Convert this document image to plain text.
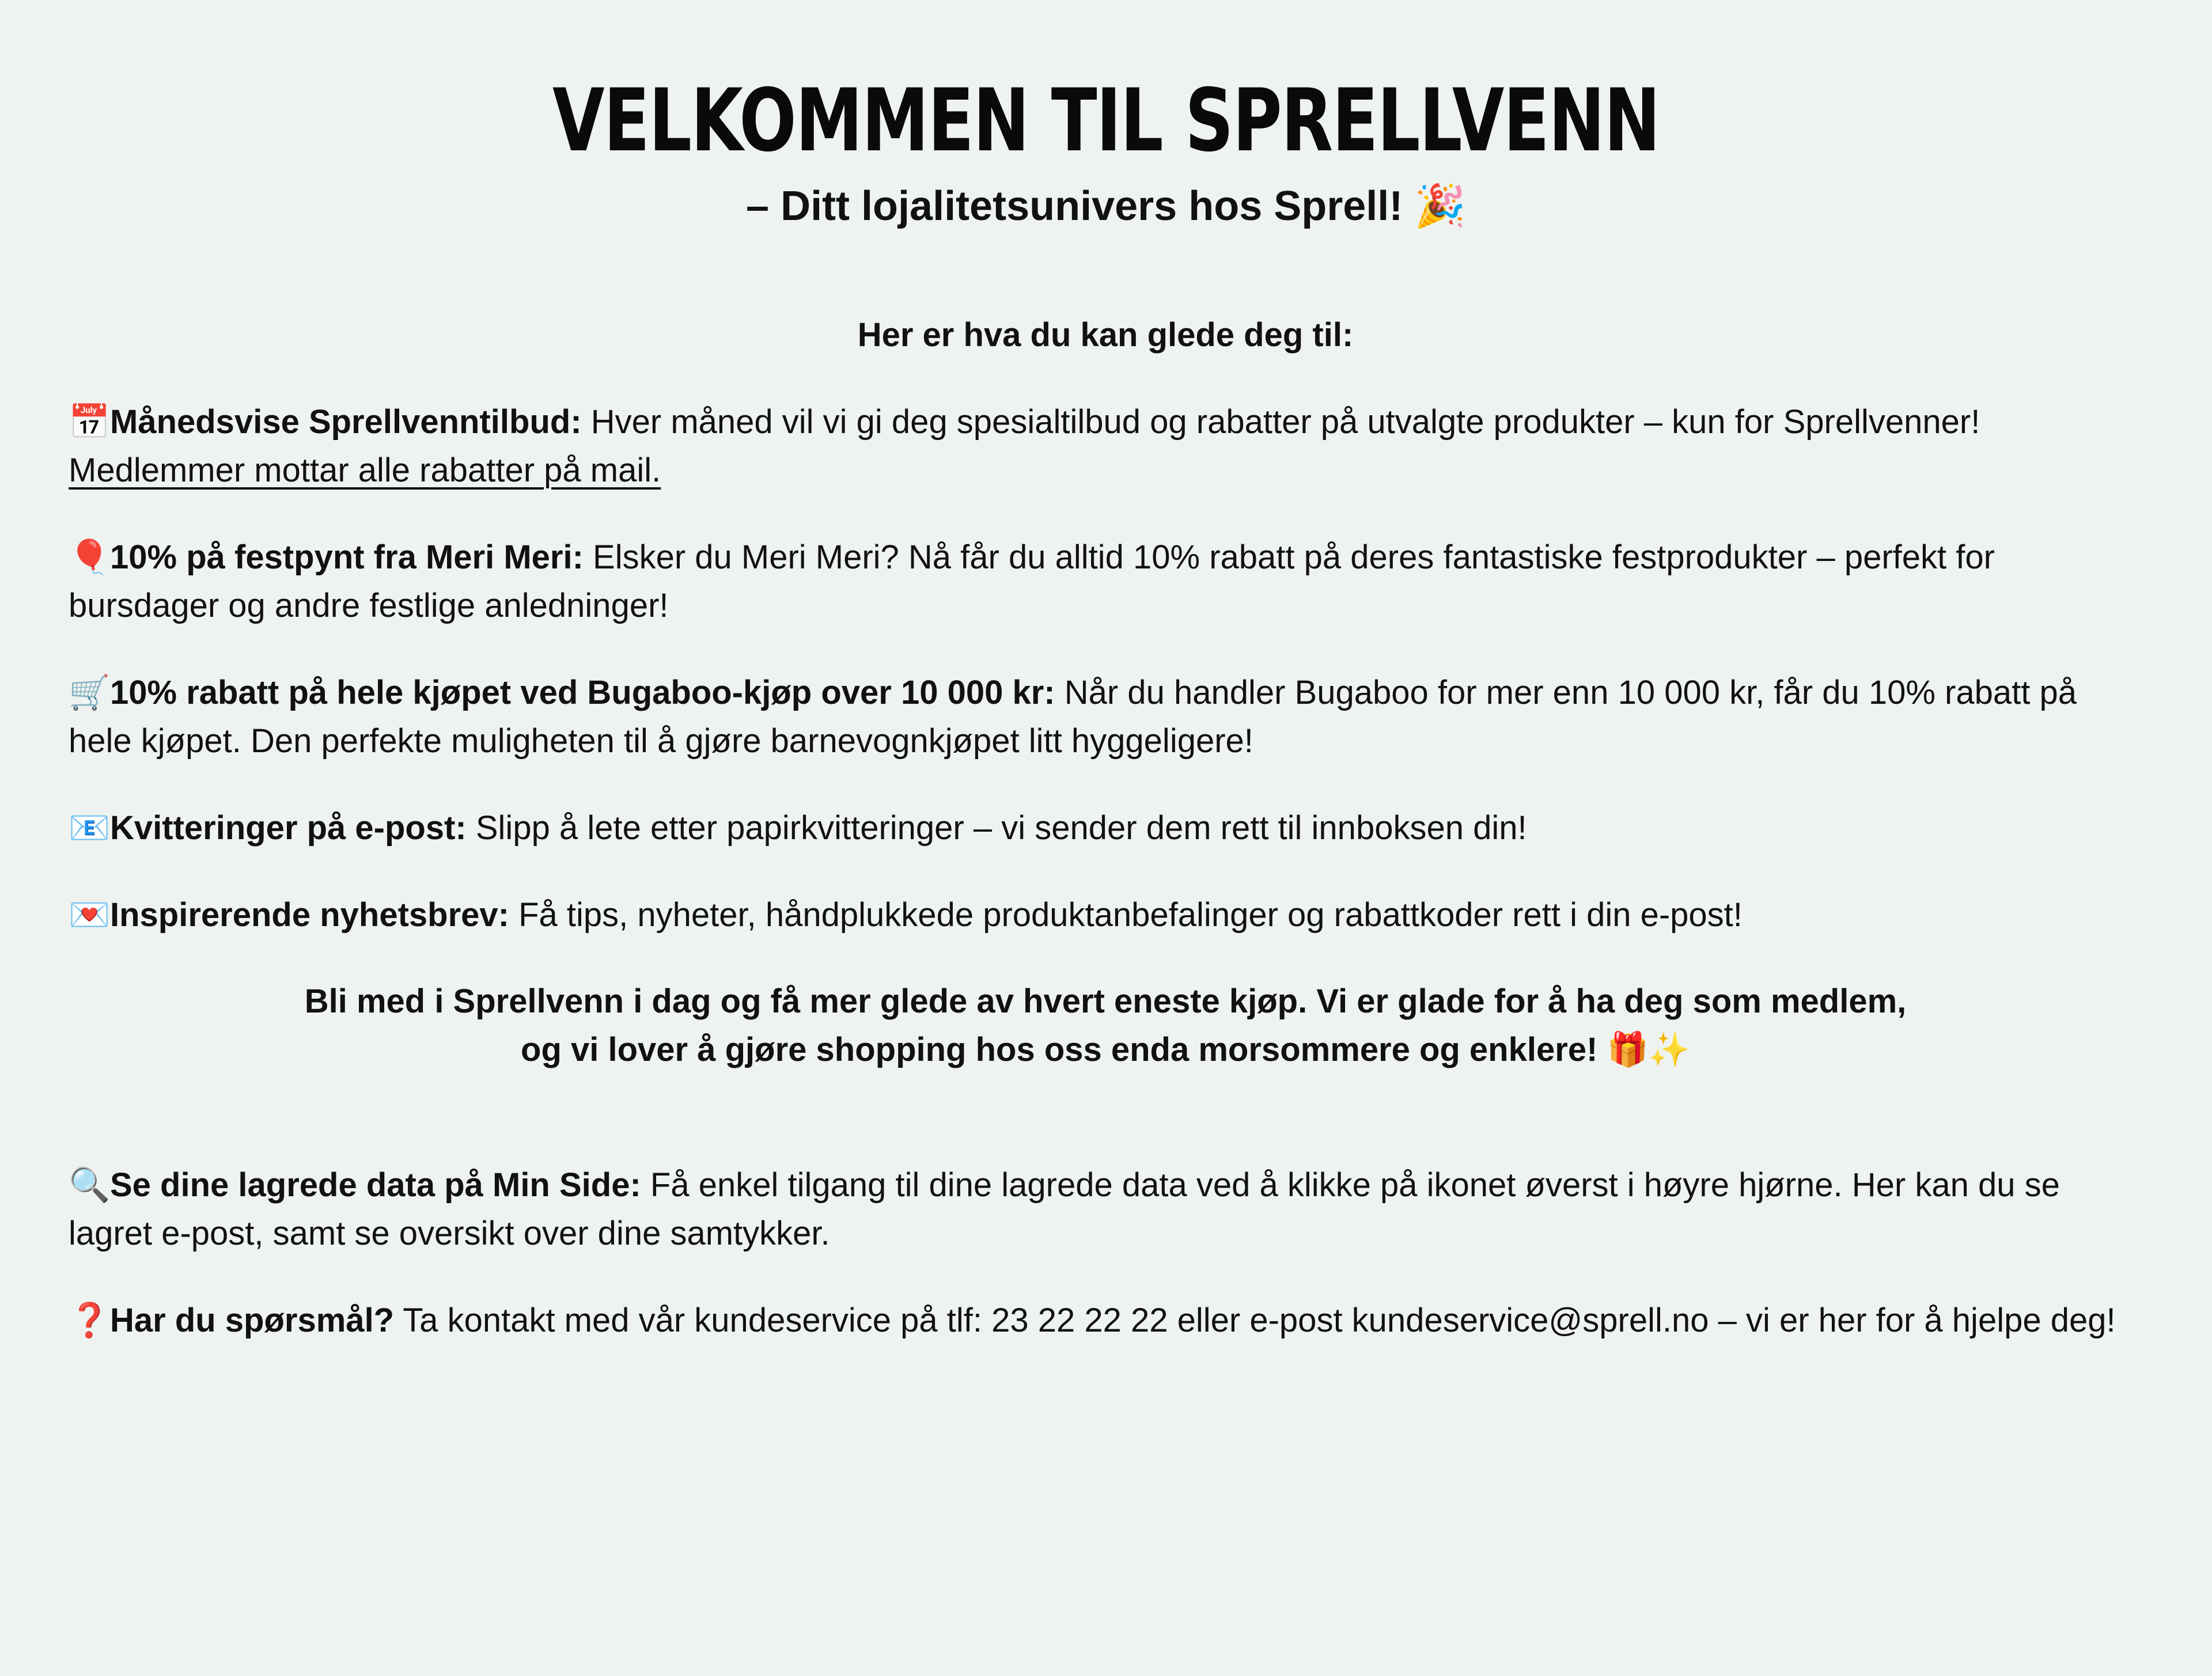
VELKOMMEN TIL SPRELLVENN

– Ditt lojalitetsunivers hos Sprell! 🎉

Her er hva du kan glede deg til:

📅Månedsvise Sprellvenntilbud: Hver måned vil vi gi deg spesialtilbud og rabatter på utvalgte produkter – kun for Sprellvenner!
Medlemmer mottar alle rabatter på mail.

🎈10% på festpynt fra Meri Meri: Elsker du Meri Meri? Nå får du alltid 10% rabatt på deres fantastiske festprodukter – perfekt for bursdager og andre festlige anledninger!

🛒10% rabatt på hele kjøpet ved Bugaboo-kjøp over 10 000 kr: Når du handler Bugaboo for mer enn 10 000 kr, får du 10% rabatt på hele kjøpet. Den perfekte muligheten til å gjøre barnevognkjøpet litt hyggeligere!

📧Kvitteringer på e-post: Slipp å lete etter papirkvitteringer – vi sender dem rett til innboksen din!

💌Inspirerende nyhetsbrev: Få tips, nyheter, håndplukkede produktanbefalinger og rabattkoder rett i din e-post!

Bli med i Sprellvenn i dag og få mer glede av hvert eneste kjøp. Vi er glade for å ha deg som medlem,
og vi lover å gjøre shopping hos oss enda morsommere og enklere! 🎁✨

🔍Se dine lagrede data på Min Side: Få enkel tilgang til dine lagrede data ved å klikke på ikonet øverst i høyre hjørne. Her kan du se lagret e-post, samt se oversikt over dine samtykker.

❓Har du spørsmål? Ta kontakt med vår kundeservice på tlf: 23 22 22 22 eller e-post kundeservice@sprell.no – vi er her for å hjelpe deg!
